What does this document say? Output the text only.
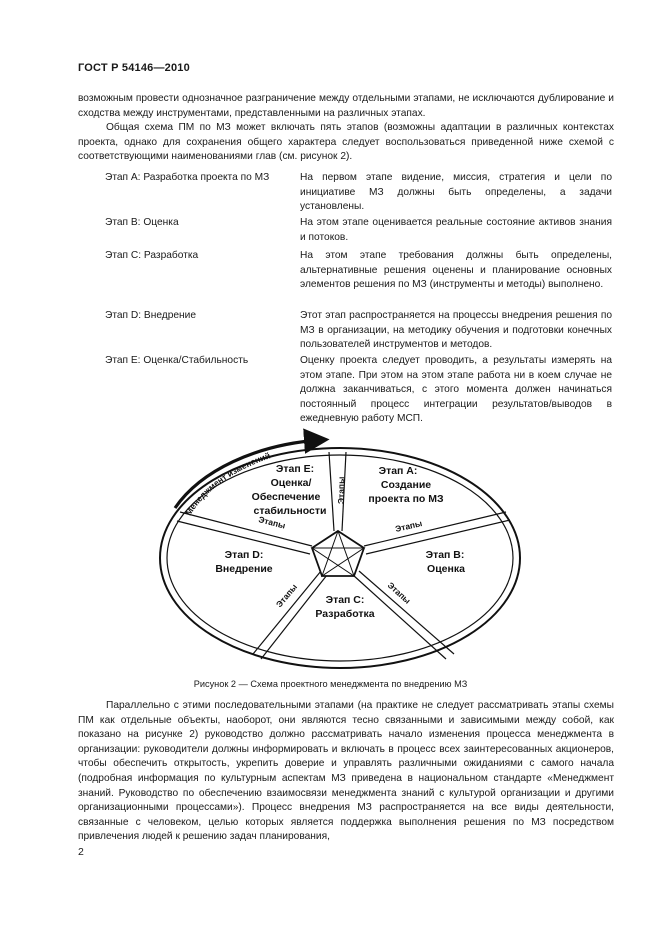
ГОСТ Р 54146—2010

возможным провести однозначное разграничение между отдельными этапами, не исключаются дублирование и сходства между инструментами, представленными на различных этапах.

Общая схема ПМ по МЗ может включать пять этапов (возможны адаптации в различных контекстах проекта, однако для сохранения общего характера следует воспользоваться приведенной ниже схемой с соответствующими наименованиями глав (см. рисунок 2).

Этап А: Разработка проекта по МЗ	На первом этапе видение, миссия, стратегия и цели по инициативе МЗ должны быть определены, а задачи установлены.
Этап В: Оценка	На этом этапе оценивается реальные состояние активов знания и потоков.
Этап С: Разработка	На этом этапе требования должны быть определены, альтернативные решения оценены и планирование основных элементов решения по МЗ (инструменты и методы) выполнено.
Этап D: Внедрение	Этот этап распространяется на процессы внедрения решения по МЗ в организации, на методику обучения и подготовки конечных пользователей инструментов и методов.
Этап Е: Оценка/Стабильность	Оценку проекта следует проводить, а результаты измерять на этом этапе. При этом на этом этапе работа ни в коем случае не должна заканчиваться, с этого момента должен начинаться постоянный процесс интеграции результатов/выводов в ежедневную работу МСП.
Менеджмент изменений
Этапы
Этапы
Этапы
Этапы
Этапы
Этап А:
Создание
проекта по МЗ
Этап В:
Оценка
Этап С:
Разработка
Этап D:
Внедрение
Этап Е:
Оценка/
Обеспечение
стабильности
Рисунок 2 — Схема проектного менеджмента по внедрению МЗ

Параллельно с этими последовательными этапами (на практике не следует рассматривать этапы схемы ПМ как отдельные объекты, наоборот, они являются тесно связанными и зависимыми между собой, как показано на рисунке 2) руководство должно рассматривать начало изменения процесса менеджмента в организации: руководители должны информировать и включать в процесс всех заинтересованных акционеров, чтобы обеспечить открытость, укрепить доверие и управлять различными ожиданиями с самого начала (подробная информация по культурным аспектам МЗ приведена в национальном стандарте «Менеджмент знаний. Руководство по обеспечению взаимосвязи менеджмента знаний с культурой организации и другими организационными процессами»). Процесс внедрения МЗ распространяется на все виды деятельности, связанные с человеком, целью которых является поддержка выполнения решения по МЗ посредством привлечения людей к решению задач планирования,

2
